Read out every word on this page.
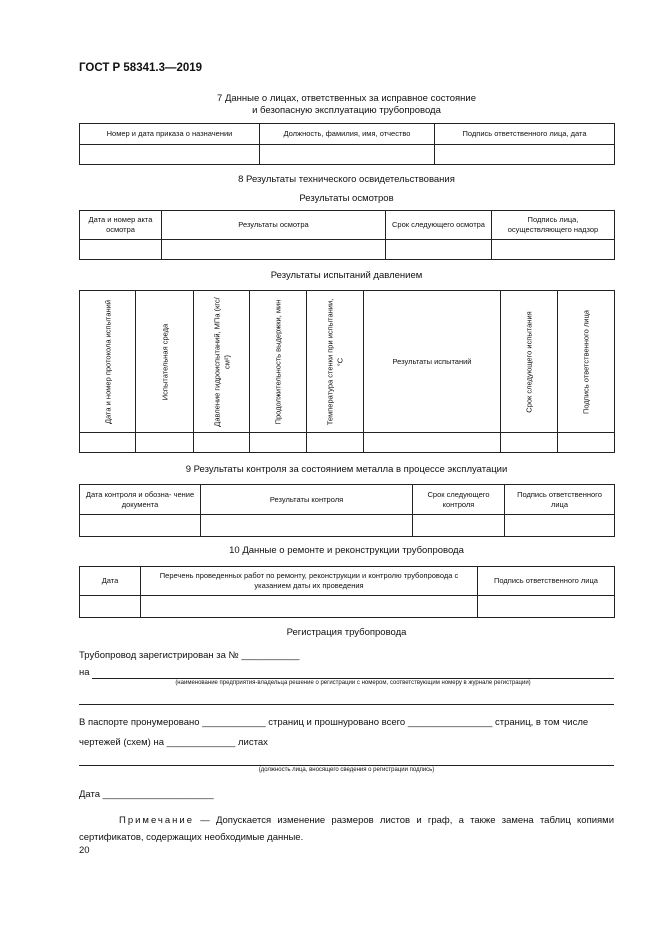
ГОСТ Р 58341.3—2019
7 Данные о лицах, ответственных за исправное состояние
и безопасную эксплуатацию трубопровода
Номер и дата приказа о назначении	Должность, фамилия, имя, отчество	Подпись ответственного лица, дата

8 Результаты технического освидетельствования
Результаты осмотров
Дата и номер акта осмотра	Результаты осмотра	Срок следующего осмотра	Подпись лица, осуществляющего надзор

Результаты испытаний давлением
Дата и номер протокола испытаний	Испытательная среда	Давление гидроиспытаний, МПа (кгс/см²)	Продолжительность выдержки, мин	Температура стенки при испытании, °С	Результаты испытаний	Срок следующего испытания	Подпись ответственного лица

9 Результаты контроля за состоянием металла в процессе эксплуатации
Дата контроля и обозна- чение документа	Результаты контроля	Срок следующего контроля	Подпись ответственного лица

10 Данные о ремонте и реконструкции трубопровода
Дата	Перечень проведенных работ по ремонту, реконструкции и контролю трубопровода с указанием даты их проведения	Подпись ответственного лица

Регистрация трубопровода
Трубопровод зарегистрирован за № ___________
на
(наименование предприятия-владельца решение о регистрации с номером, соответствующим номеру в журнале регистрации)
В паспорте пронумеровано ____________ страниц и прошнуровано всего ________________ страниц, в том числе
чертежей (схем) на _____________ листах
(должность лица, вносящего сведения о регистрации подпись)
Дата _____________________
Примечание — Допускается изменение размеров листов и граф, а также замена таблиц копиями сертификатов, содержащих необходимые данные.
20
